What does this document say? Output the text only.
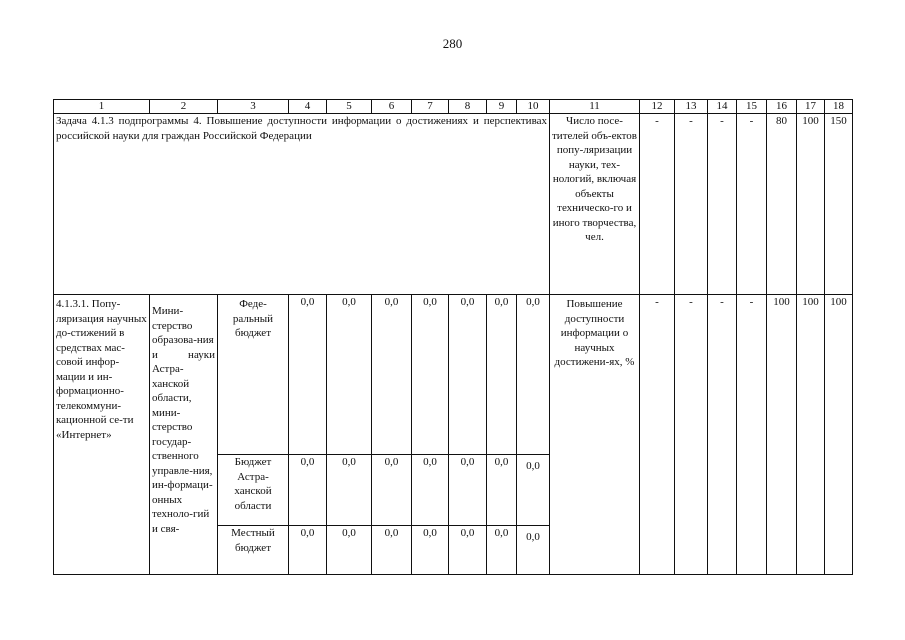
280
1	2	3	4	5	6	7	8	9	10	11	12	13	14	15	16	17	18
Задача 4.1.3 подпрограммы 4. Повышение доступности информации о достижениях и перспективах российской науки для граждан Российской Федерации										Число посе-тителей объ-ектов попу-ляризации науки, тех-нологий, включая объекты техническо-го и иного творчества, чел.	-	-	-	-	80	100	150
4.1.3.1. Попу-ляризация научных до-стижений в средствах мас-совой инфор-мации и ин-формационно-телекоммуни-кационной се-ти «Интернет»	Мини-стерство образова-ния и науки Астра-ханской области, мини-стерство государ-ственного управле-ния, ин-формаци-онных техноло-гий и свя-	Феде-ральный бюджет	0,0	0,0	0,0	0,0	0,0	0,0	0,0	Повышение доступности информации о научных достижени-ях, %	-	-	-	-	100	100	100
		Бюджет Астра-ханской области	0,0	0,0	0,0	0,0	0,0	0,0	0,0								
		Местный бюджет	0,0	0,0	0,0	0,0	0,0	0,0	0,0								
